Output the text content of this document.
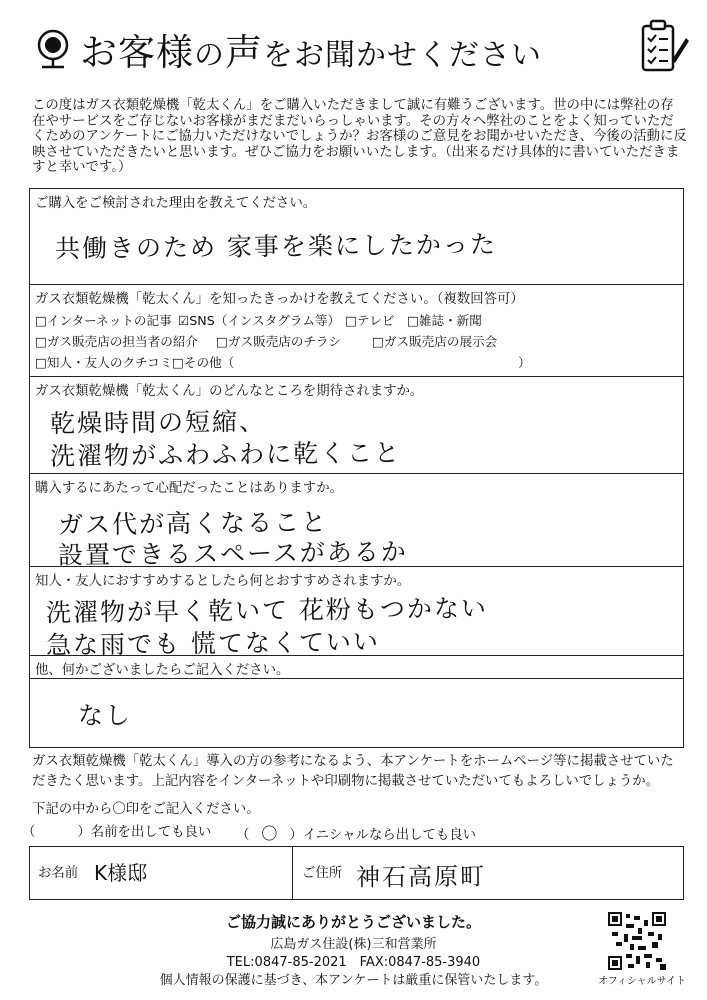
お客様の声をお聞かせください
この度はガス衣類乾燥機「乾太くん」をご購入いただきまして誠に有難うございます。世の中には弊社の存在やサービスをご存じないお客様がまだまだいらっしゃいます。その方々へ弊社のことをよく知っていただくためのアンケートにご協力いただけないでしょうか？お客様のご意見をお聞かせいただき、今後の活動に反映させていただきたいと思います。ぜひご協力をお願いいたします。（出来るだけ具体的に書いていただきますと幸いです。）
ご購入をご検討された理由を教えてください。
共働きのため 家事を楽にしたかった
ガス衣類乾燥機「乾太くん」を知ったきっかけを教えてください。（複数回答可）
□インターネットの記事 ☑SNS（インスタグラム等） □テレビ □雑誌・新聞
□ガス販売店の担当者の紹介 □ガス販売店のチラシ □ガス販売店の展示会
□知人・友人のクチコミ □その他（	）
ガス衣類乾燥機「乾太くん」のどんなところを期待されますか。
乾燥時間の短縮、
洗濯物がふわふわに乾くこと
購入するにあたって心配だったことはありますか。
ガス代が高くなること
設置できるスペースがあるか
知人・友人におすすめするとしたら何とおすすめされますか。
洗濯物が早く乾いて 花粉もつかない
急な雨でも 慌てなくていい
他、何かございましたらご記入ください。
なし
ガス衣類乾燥機「乾太くん」導入の方の参考になるよう、本アンケートをホームページ等に掲載させていただきたく思います。上記内容をインターネットや印刷物に掲載させていただいてもよろしいでしょうか。
下記の中から〇印をご記入ください。
（	）名前を出しても良い （ 〇 ）イニシャルなら出しても良い
お名前 K様邸	ご住所 神石高原町
ご協力誠にありがとうございました。
広島ガス住設(株)三和営業所
TEL:0847-85-2021　FAX:0847-85-3940
個人情報の保護に基づき、本アンケートは厳重に保管いたします。	オフィシャルサイト
